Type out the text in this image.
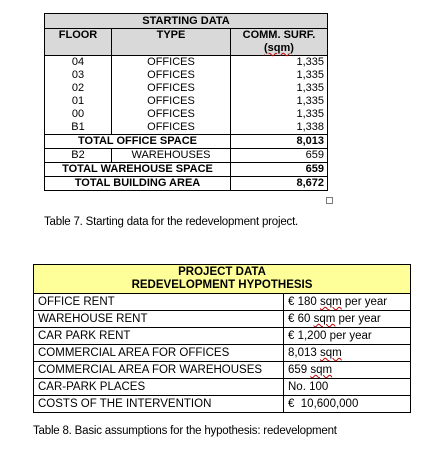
STARTING DATA		
FLOOR	TYPE	COMM. SURF.
(sqm)

04	OFFICES	1,335
03	OFFICES	1,335
02	OFFICES	1,335
01	OFFICES	1,335
00	OFFICES	1,335
B1	OFFICES	1,338
TOTAL OFFICE SPACE		8,013
B2	WAREHOUSES	659
TOTAL WAREHOUSE SPACE		659
TOTAL BUILDING AREA		8,672
Table 7. Starting data for the redevelopment project.
PROJECT DATA
REDEVELOPMENT HYPOTHESIS	

OFFICE RENT	€ 180 sqm per year
WAREHOUSE RENT	€ 60 sqm per year
CAR PARK RENT	€ 1,200 per year
COMMERCIAL AREA FOR OFFICES	8,013 sqm
COMMERCIAL AREA FOR WAREHOUSES	659 sqm
CAR-PARK PLACES	No. 100
COSTS OF THE INTERVENTION	€  10,600,000
Table 8. Basic assumptions for the hypothesis: redevelopment
